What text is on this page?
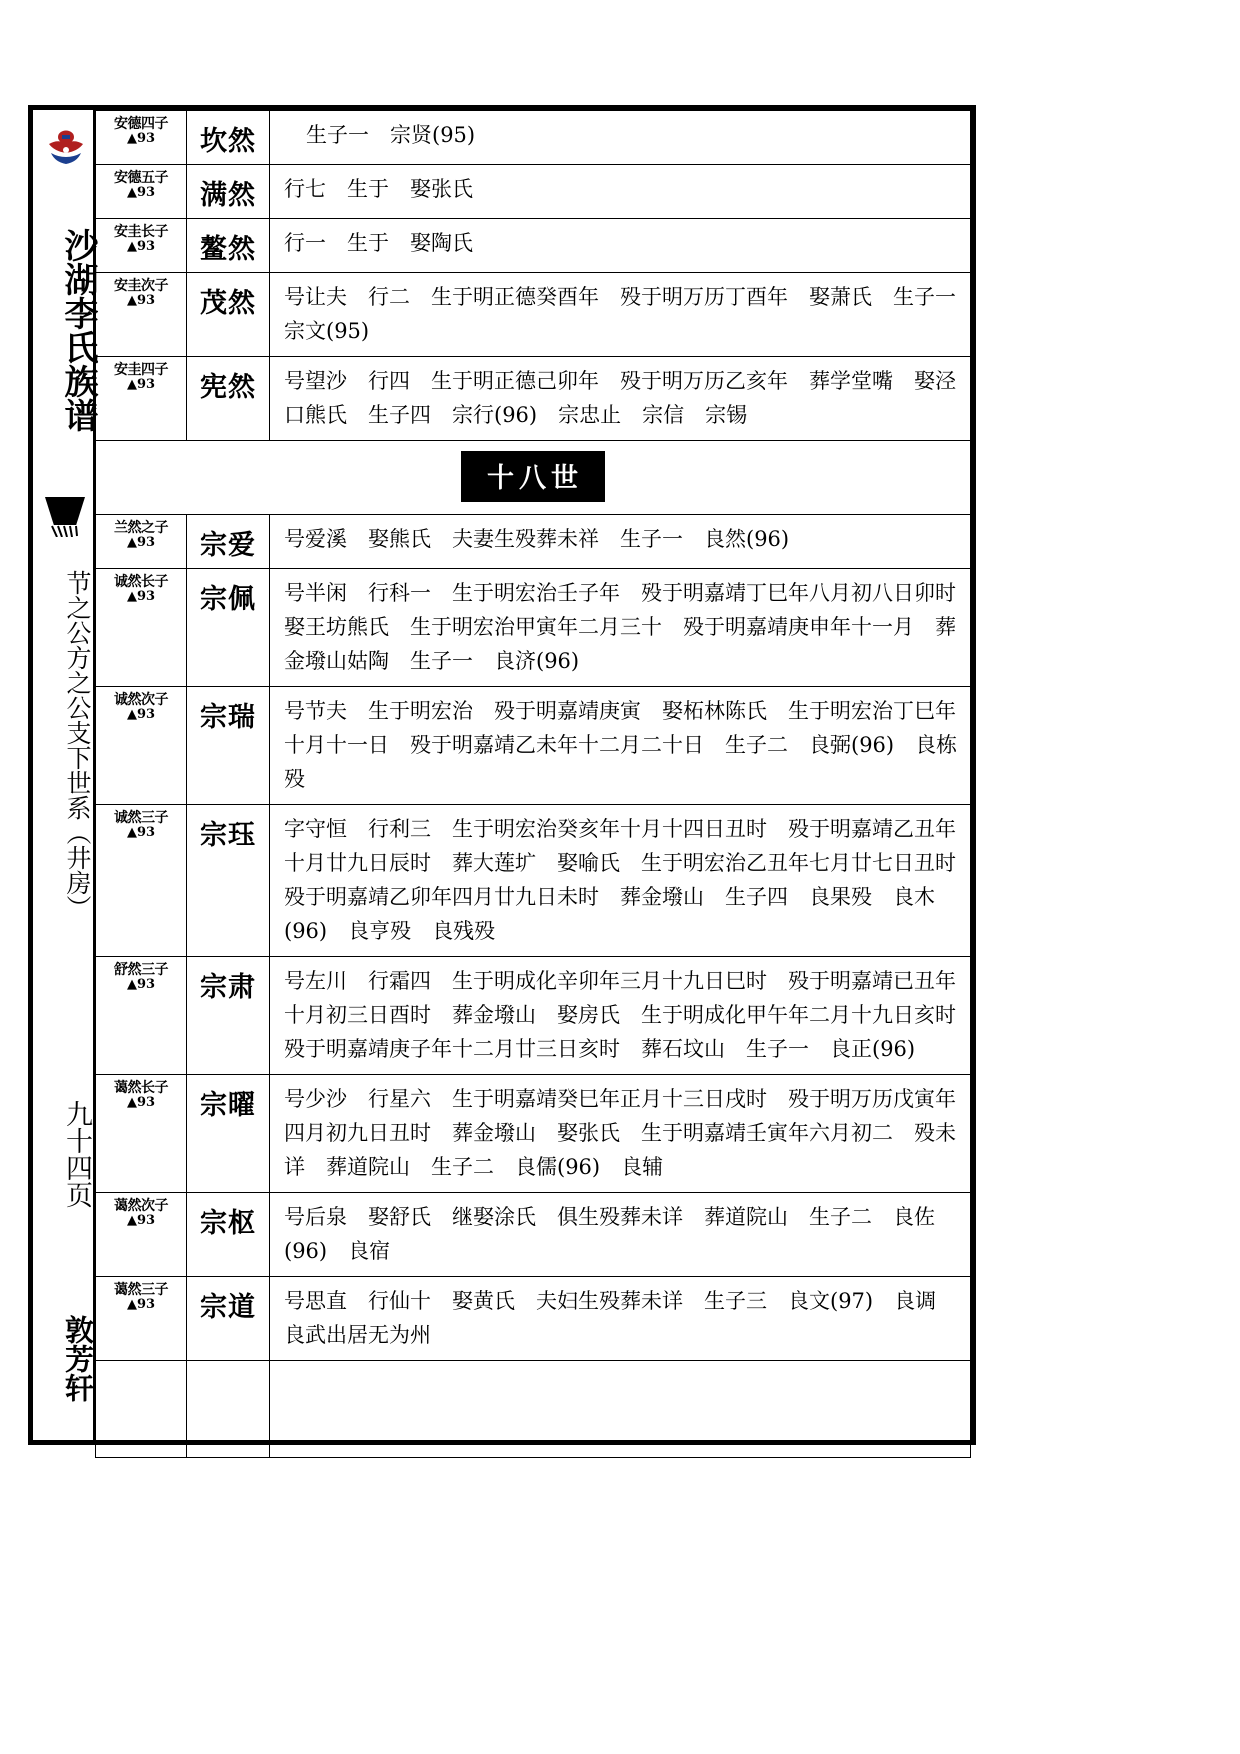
沙湖李氏族谱
节之公方之公支下世系（井房）
九十四页
敦芳轩
安德四子
▲93	坎然	生子一　宗贤(95)

安德五子
▲93	满然	行七　生于　娶张氏

安圭长子
▲93	鳌然	行一　生于　娶陶氏

安圭次子
▲93	茂然	号让夫　行二　生于明正德癸酉年　殁于明万历丁酉年　娶萧氏　生子一　宗文(95)

安圭四子
▲93	宪然	号望沙　行四　生于明正德己卯年　殁于明万历乙亥年　葬学堂嘴　娶泾口熊氏　生子四　宗行(96)　宗忠止　宗信　宗锡
十八世		

兰然之子
▲93	宗爱	号爱溪　娶熊氏　夫妻生殁葬未祥　生子一　良然(96)

诚然长子
▲93	宗佩	号半闲　行科一　生于明宏治壬子年　殁于明嘉靖丁巳年八月初八日卯时　娶王坊熊氏　生于明宏治甲寅年二月三十　殁于明嘉靖庚申年十一月　葬金墢山姑陶　生子一　良济(96)

诚然次子
▲93	宗瑞	号节夫　生于明宏治　殁于明嘉靖庚寅　娶柘林陈氏　生于明宏治丁巳年十月十一日　殁于明嘉靖乙未年十二月二十日　生子二　良弼(96)　良栋殁

诚然三子
▲93	宗珏	字守恒　行利三　生于明宏治癸亥年十月十四日丑时　殁于明嘉靖乙丑年十月廿九日辰时　葬大莲圹　娶喻氏　生于明宏治乙丑年七月廿七日丑时　殁于明嘉靖乙卯年四月廿九日未时　葬金墢山　生子四　良果殁　良木(96)　良亨殁　良残殁

舒然三子
▲93	宗肃	号左川　行霜四　生于明成化辛卯年三月十九日巳时　殁于明嘉靖已丑年十月初三日酉时　葬金墢山　娶房氏　生于明成化甲午年二月十九日亥时　殁于明嘉靖庚子年十二月廿三日亥时　葬石坟山　生子一　良正(96)

蔼然长子
▲93	宗曜	号少沙　行星六　生于明嘉靖癸巳年正月十三日戌时　殁于明万历戊寅年四月初九日丑时　葬金墢山　娶张氏　生于明嘉靖壬寅年六月初二　殁未详　葬道院山　生子二　良儒(96)　良辅

蔼然次子
▲93	宗枢	号后泉　娶舒氏　继娶涂氏　俱生殁葬未详　葬道院山　生子二　良佐(96)　良宿

蔼然三子
▲93	宗道	号思直　行仙十　娶黄氏　夫妇生殁葬未详　生子三　良文(97)　良调　良武出居无为州
